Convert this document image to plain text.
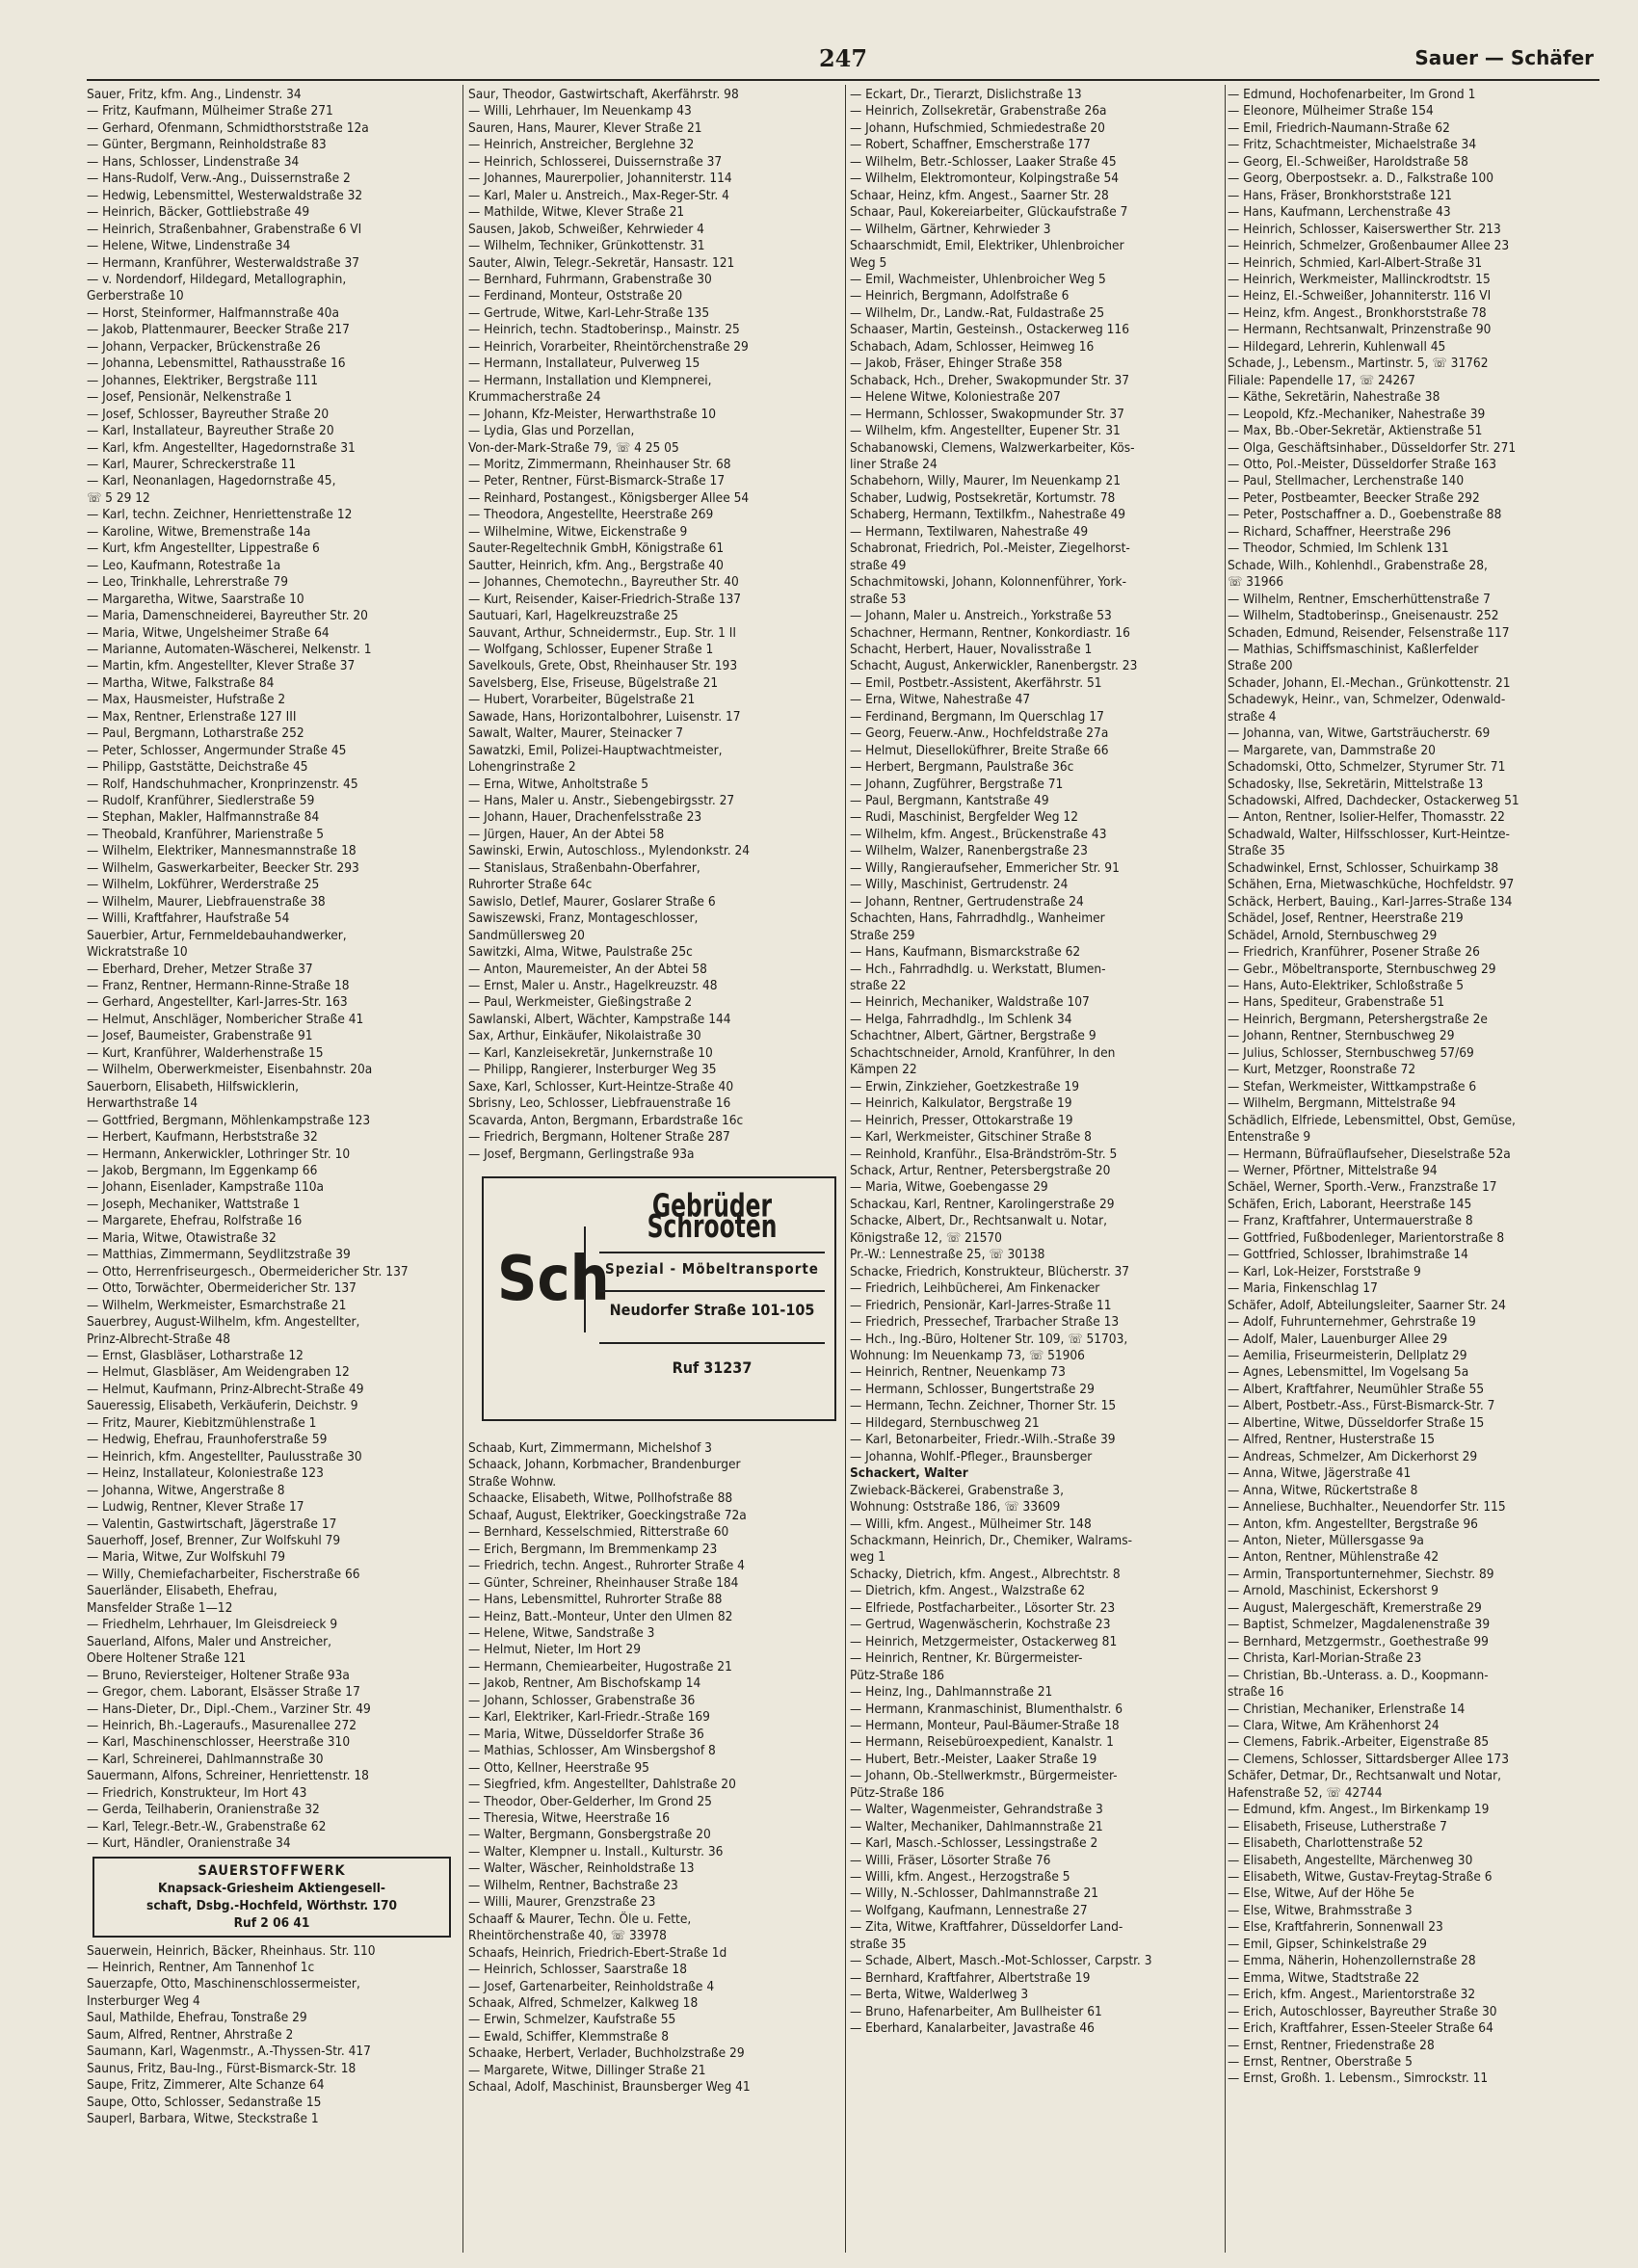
247	Sauer — Schäfer
Sauer, Fritz, kfm. Ang., Lindenstr. 34
— Fritz, Kaufmann, Mülheimer Straße 271
— Gerhard, Ofenmann, Schmidthorststraße 12a
— Günter, Bergmann, Reinholdstraße 83
— Hans, Schlosser, Lindenstraße 34
— Hans-Rudolf, Verw.-Ang., Duissernstraße 2
— Hedwig, Lebensmittel, Westerwaldstraße 32
— Heinrich, Bäcker, Gottliebstraße 49
— Heinrich, Straßenbahner, Grabenstraße 6 VI
— Helene, Witwe, Lindenstraße 34
— Hermann, Kranführer, Westerwaldstraße 37
— v. Nordendorf, Hildegard, Metallographin,
Gerberstraße 10
— Horst, Steinformer, Halfmannstraße 40a
— Jakob, Plattenmaurer, Beecker Straße 217
— Johann, Verpacker, Brückenstraße 26
— Johanna, Lebensmittel, Rathausstraße 16
— Johannes, Elektriker, Bergstraße 111
— Josef, Pensionär, Nelkenstraße 1
— Josef, Schlosser, Bayreuther Straße 20
— Karl, Installateur, Bayreuther Straße 20
— Karl, kfm. Angestellter, Hagedornstraße 31
— Karl, Maurer, Schreckerstraße 11
— Karl, Neonanlagen, Hagedornstraße 45,
☏ 5 29 12
— Karl, techn. Zeichner, Henriettenstraße 12
— Karoline, Witwe, Bremenstraße 14a
— Kurt, kfm Angestellter, Lippestraße 6
— Leo, Kaufmann, Rotestraße 1a
— Leo, Trinkhalle, Lehrerstraße 79
— Margaretha, Witwe, Saarstraße 10
— Maria, Damenschneiderei, Bayreuther Str. 20
— Maria, Witwe, Ungelsheimer Straße 64
— Marianne, Automaten-Wäscherei, Nelkenstr. 1
— Martin, kfm. Angestellter, Klever Straße 37
— Martha, Witwe, Falkstraße 84
— Max, Hausmeister, Hufstraße 2
— Max, Rentner, Erlenstraße 127 III
— Paul, Bergmann, Lotharstraße 252
— Peter, Schlosser, Angermunder Straße 45
— Philipp, Gaststätte, Deichstraße 45
— Rolf, Handschuhmacher, Kronprinzenstr. 45
— Rudolf, Kranführer, Siedlerstraße 59
— Stephan, Makler, Halfmannstraße 84
— Theobald, Kranführer, Marienstraße 5
— Wilhelm, Elektriker, Mannesmannstraße 18
— Wilhelm, Gaswerkarbeiter, Beecker Str. 293
— Wilhelm, Lokführer, Werderstraße 25
— Wilhelm, Maurer, Liebfrauenstraße 38
— Willi, Kraftfahrer, Haufstraße 54
Sauerbier, Artur, Fernmeldebauhandwerker,
Wickratstraße 10
— Eberhard, Dreher, Metzer Straße 37
— Franz, Rentner, Hermann-Rinne-Straße 18
— Gerhard, Angestellter, Karl-Jarres-Str. 163
— Helmut, Anschläger, Nombericher Straße 41
— Josef, Baumeister, Grabenstraße 91
— Kurt, Kranführer, Walderhenstraße 15
— Wilhelm, Oberwerkmeister, Eisenbahnstr. 20a
Sauerborn, Elisabeth, Hilfswicklerin,
Herwarthstraße 14
— Gottfried, Bergmann, Möhlenkampstraße 123
— Herbert, Kaufmann, Herbststraße 32
— Hermann, Ankerwickler, Lothringer Str. 10
— Jakob, Bergmann, Im Eggenkamp 66
— Johann, Eisenlader, Kampstraße 110a
— Joseph, Mechaniker, Wattstraße 1
— Margarete, Ehefrau, Rolfstraße 16
— Maria, Witwe, Otawistraße 32
— Matthias, Zimmermann, Seydlitzstraße 39
— Otto, Herrenfriseurgesch., Obermeidericher Str. 137
— Otto, Torwächter, Obermeidericher Str. 137
— Wilhelm, Werkmeister, Esmarchstraße 21
Sauerbrey, August-Wilhelm, kfm. Angestellter,
Prinz-Albrecht-Straße 48
— Ernst, Glasbläser, Lotharstraße 12
— Helmut, Glasbläser, Am Weidengraben 12
— Helmut, Kaufmann, Prinz-Albrecht-Straße 49
Saueressig, Elisabeth, Verkäuferin, Deichstr. 9
— Fritz, Maurer, Kiebitzmühlenstraße 1
— Hedwig, Ehefrau, Fraunhoferstraße 59
— Heinrich, kfm. Angestellter, Paulusstraße 30
— Heinz, Installateur, Koloniestraße 123
— Johanna, Witwe, Angerstraße 8
— Ludwig, Rentner, Klever Straße 17
— Valentin, Gastwirtschaft, Jägerstraße 17
Sauerhoff, Josef, Brenner, Zur Wolfskuhl 79
— Maria, Witwe, Zur Wolfskuhl 79
— Willy, Chemiefacharbeiter, Fischerstraße 66
Sauerländer, Elisabeth, Ehefrau,
Mansfelder Straße 1—12
— Friedhelm, Lehrhauer, Im Gleisdreieck 9
Sauerland, Alfons, Maler und Anstreicher,
Obere Holtener Straße 121
— Bruno, Reviersteiger, Holtener Straße 93a
— Gregor, chem. Laborant, Elsässer Straße 17
— Hans-Dieter, Dr., Dipl.-Chem., Varziner Str. 49
— Heinrich, Bh.-Lageraufs., Masurenallee 272
— Karl, Maschinenschlosser, Heerstraße 310
— Karl, Schreinerei, Dahlmannstraße 30
Sauermann, Alfons, Schreiner, Henriettenstr. 18
— Friedrich, Konstrukteur, Im Hort 43
— Gerda, Teilhaberin, Oranienstraße 32
— Karl, Telegr.-Betr.-W., Grabenstraße 62
— Kurt, Händler, Oranienstraße 34
SAUERSTOFFWERK
Knapsack-Griesheim Aktiengesell-
schaft, Dsbg.-Hochfeld, Wörthstr. 170
Ruf 2 06 41
Sauerwein, Heinrich, Bäcker, Rheinhaus. Str. 110
— Heinrich, Rentner, Am Tannenhof 1c
Sauerzapfe, Otto, Maschinenschlossermeister,
Insterburger Weg 4
Saul, Mathilde, Ehefrau, Tonstraße 29
Saum, Alfred, Rentner, Ahrstraße 2
Saumann, Karl, Wagenmstr., A.-Thyssen-Str. 417
Saunus, Fritz, Bau-Ing., Fürst-Bismarck-Str. 18
Saupe, Fritz, Zimmerer, Alte Schanze 64
Saupe, Otto, Schlosser, Sedanstraße 15
Sauperl, Barbara, Witwe, Steckstraße 1
Saur, Theodor, Gastwirtschaft, Akerfährstr. 98
— Willi, Lehrhauer, Im Neuenkamp 43
Sauren, Hans, Maurer, Klever Straße 21
— Heinrich, Anstreicher, Berglehne 32
— Heinrich, Schlosserei, Duissernstraße 37
— Johannes, Maurerpolier, Johanniterstr. 114
— Karl, Maler u. Anstreich., Max-Reger-Str. 4
— Mathilde, Witwe, Klever Straße 21
Sausen, Jakob, Schweißer, Kehrwieder 4
— Wilhelm, Techniker, Grünkottenstr. 31
Sauter, Alwin, Telegr.-Sekretär, Hansastr. 121
— Bernhard, Fuhrmann, Grabenstraße 30
— Ferdinand, Monteur, Oststraße 20
— Gertrude, Witwe, Karl-Lehr-Straße 135
— Heinrich, techn. Stadtoberinsp., Mainstr. 25
— Heinrich, Vorarbeiter, Rheintörchenstraße 29
— Hermann, Installateur, Pulverweg 15
— Hermann, Installation und Klempnerei,
Krummacherstraße 24
— Johann, Kfz-Meister, Herwarthstraße 10
— Lydia, Glas und Porzellan,
Von-der-Mark-Straße 79, ☏ 4 25 05
— Moritz, Zimmermann, Rheinhauser Str. 68
— Peter, Rentner, Fürst-Bismarck-Straße 17
— Reinhard, Postangest., Königsberger Allee 54
— Theodora, Angestellte, Heerstraße 269
— Wilhelmine, Witwe, Eickenstraße 9
Sauter-Regeltechnik GmbH, Königstraße 61
Sautter, Heinrich, kfm. Ang., Bergstraße 40
— Johannes, Chemotechn., Bayreuther Str. 40
— Kurt, Reisender, Kaiser-Friedrich-Straße 137
Sautuari, Karl, Hagelkreuzstraße 25
Sauvant, Arthur, Schneidermstr., Eup. Str. 1 II
— Wolfgang, Schlosser, Eupener Straße 1
Savelkouls, Grete, Obst, Rheinhauser Str. 193
Savelsberg, Else, Friseuse, Bügelstraße 21
— Hubert, Vorarbeiter, Bügelstraße 21
Sawade, Hans, Horizontalbohrer, Luisenstr. 17
Sawalt, Walter, Maurer, Steinacker 7
Sawatzki, Emil, Polizei-Hauptwachtmeister,
Lohengrinstraße 2
— Erna, Witwe, Anholtstraße 5
— Hans, Maler u. Anstr., Siebengebirgsstr. 27
— Johann, Hauer, Drachenfelsstraße 23
— Jürgen, Hauer, An der Abtei 58
Sawinski, Erwin, Autoschloss., Mylendonkstr. 24
— Stanislaus, Straßenbahn-Oberfahrer,
Ruhrorter Straße 64c
Sawislo, Detlef, Maurer, Goslarer Straße 6
Sawiszewski, Franz, Montageschlosser,
Sandmüllersweg 20
Sawitzki, Alma, Witwe, Paulstraße 25c
— Anton, Mauremeister, An der Abtei 58
— Ernst, Maler u. Anstr., Hagelkreuzstr. 48
— Paul, Werkmeister, Gießingstraße 2
Sawlanski, Albert, Wächter, Kampstraße 144
Sax, Arthur, Einkäufer, Nikolaistraße 30
— Karl, Kanzleisekretär, Junkernstraße 10
— Philipp, Rangierer, Insterburger Weg 35
Saxe, Karl, Schlosser, Kurt-Heintze-Straße 40
Sbrisny, Leo, Schlosser, Liebfrauenstraße 16
Scavarda, Anton, Bergmann, Erbardstraße 16c
— Friedrich, Bergmann, Holtener Straße 287
— Josef, Bergmann, Gerlingstraße 93a
Sch
Gebrüder Schrooten
Spezial - Möbeltransporte
Neudorfer Straße 101-105
Ruf 31237
Schaab, Kurt, Zimmermann, Michelshof 3
Schaack, Johann, Korbmacher, Brandenburger
Straße Wohnw.
Schaacke, Elisabeth, Witwe, Pollhofstraße 88
Schaaf, August, Elektriker, Goeckingstraße 72a
— Bernhard, Kesselschmied, Ritterstraße 60
— Erich, Bergmann, Im Bremmenkamp 23
— Friedrich, techn. Angest., Ruhrorter Straße 4
— Günter, Schreiner, Rheinhauser Straße 184
— Hans, Lebensmittel, Ruhrorter Straße 88
— Heinz, Batt.-Monteur, Unter den Ulmen 82
— Helene, Witwe, Sandstraße 3
— Helmut, Nieter, Im Hort 29
— Hermann, Chemiearbeiter, Hugostraße 21
— Jakob, Rentner, Am Bischofskamp 14
— Johann, Schlosser, Grabenstraße 36
— Karl, Elektriker, Karl-Friedr.-Straße 169
— Maria, Witwe, Düsseldorfer Straße 36
— Mathias, Schlosser, Am Winsbergshof 8
— Otto, Kellner, Heerstraße 95
— Siegfried, kfm. Angestellter, Dahlstraße 20
— Theodor, Ober-Gelderher, Im Grond 25
— Theresia, Witwe, Heerstraße 16
— Walter, Bergmann, Gonsbergstraße 20
— Walter, Klempner u. Install., Kulturstr. 36
— Walter, Wäscher, Reinholdstraße 13
— Wilhelm, Rentner, Bachstraße 23
— Willi, Maurer, Grenzstraße 23
Schaaff & Maurer, Techn. Öle u. Fette,
Rheintörchenstraße 40, ☏ 33978
Schaafs, Heinrich, Friedrich-Ebert-Straße 1d
— Heinrich, Schlosser, Saarstraße 18
— Josef, Gartenarbeiter, Reinholdstraße 4
Schaak, Alfred, Schmelzer, Kalkweg 18
— Erwin, Schmelzer, Kaufstraße 55
— Ewald, Schiffer, Klemmstraße 8
Schaake, Herbert, Verlader, Buchholzstraße 29
— Margarete, Witwe, Dillinger Straße 21
Schaal, Adolf, Maschinist, Braunsberger Weg 41
— Eckart, Dr., Tierarzt, Dislichstraße 13
— Heinrich, Zollsekretär, Grabenstraße 26a
— Johann, Hufschmied, Schmiedestraße 20
— Robert, Schaffner, Emscherstraße 177
— Wilhelm, Betr.-Schlosser, Laaker Straße 45
— Wilhelm, Elektromonteur, Kolpingstraße 54
Schaar, Heinz, kfm. Angest., Saarner Str. 28
Schaar, Paul, Kokereiarbeiter, Glückaufstraße 7
— Wilhelm, Gärtner, Kehrwieder 3
Schaarschmidt, Emil, Elektriker, Uhlenbroicher
Weg 5
— Emil, Wachmeister, Uhlenbroicher Weg 5
— Heinrich, Bergmann, Adolfstraße 6
— Wilhelm, Dr., Landw.-Rat, Fuldastraße 25
Schaaser, Martin, Gesteinsh., Ostackerweg 116
Schabach, Adam, Schlosser, Heimweg 16
— Jakob, Fräser, Ehinger Straße 358
Schaback, Hch., Dreher, Swakopmunder Str. 37
— Helene Witwe, Koloniestraße 207
— Hermann, Schlosser, Swakopmunder Str. 37
— Wilhelm, kfm. Angestellter, Eupener Str. 31
Schabanowski, Clemens, Walzwerkarbeiter, Kös-
liner Straße 24
Schabehorn, Willy, Maurer, Im Neuenkamp 21
Schaber, Ludwig, Postsekretär, Kortumstr. 78
Schaberg, Hermann, Textilkfm., Nahestraße 49
— Hermann, Textilwaren, Nahestraße 49
Schabronat, Friedrich, Pol.-Meister, Ziegelhorst-
straße 49
Schachmitowski, Johann, Kolonnenführer, York-
straße 53
— Johann, Maler u. Anstreich., Yorkstraße 53
Schachner, Hermann, Rentner, Konkordiastr. 16
Schacht, Herbert, Hauer, Novalisstraße 1
Schacht, August, Ankerwickler, Ranenbergstr. 23
— Emil, Postbetr.-Assistent, Akerfährstr. 51
— Erna, Witwe, Nahestraße 47
— Ferdinand, Bergmann, Im Querschlag 17
— Georg, Feuerw.-Anw., Hochfeldstraße 27a
— Helmut, Dieselloküfhrer, Breite Straße 66
— Herbert, Bergmann, Paulstraße 36c
— Johann, Zugführer, Bergstraße 71
— Paul, Bergmann, Kantstraße 49
— Rudi, Maschinist, Bergfelder Weg 12
— Wilhelm, kfm. Angest., Brückenstraße 43
— Wilhelm, Walzer, Ranenbergstraße 23
— Willy, Rangieraufseher, Emmericher Str. 91
— Willy, Maschinist, Gertrudenstr. 24
— Johann, Rentner, Gertrudenstraße 24
Schachten, Hans, Fahrradhdlg., Wanheimer
Straße 259
— Hans, Kaufmann, Bismarckstraße 62
— Hch., Fahrradhdlg. u. Werkstatt, Blumen-
straße 22
— Heinrich, Mechaniker, Waldstraße 107
— Helga, Fahrradhdlg., Im Schlenk 34
Schachtner, Albert, Gärtner, Bergstraße 9
Schachtschneider, Arnold, Kranführer, In den
Kämpen 22
— Erwin, Zinkzieher, Goetzkestraße 19
— Heinrich, Kalkulator, Bergstraße 19
— Heinrich, Presser, Ottokarstraße 19
— Karl, Werkmeister, Gitschiner Straße 8
— Reinhold, Kranführ., Elsa-Brändström-Str. 5
Schack, Artur, Rentner, Petersbergstraße 20
— Maria, Witwe, Goebengasse 29
Schackau, Karl, Rentner, Karolingerstraße 29
Schacke, Albert, Dr., Rechtsanwalt u. Notar,
Königstraße 12, ☏ 21570
Pr.-W.: Lennestraße 25, ☏ 30138
Schacke, Friedrich, Konstrukteur, Blücherstr. 37
— Friedrich, Leihbücherei, Am Finkenacker
— Friedrich, Pensionär, Karl-Jarres-Straße 11
— Friedrich, Pressechef, Trarbacher Straße 13
— Hch., Ing.-Büro, Holtener Str. 109, ☏ 51703,
Wohnung: Im Neuenkamp 73, ☏ 51906
— Heinrich, Rentner, Neuenkamp 73
— Hermann, Schlosser, Bungertstraße 29
— Hermann, Techn. Zeichner, Thorner Str. 15
— Hildegard, Sternbuschweg 21
— Karl, Betonarbeiter, Friedr.-Wilh.-Straße 39
— Johanna, Wohlf.-Pfleger., Braunsberger
Schackert, Walter
Zwieback-Bäckerei, Grabenstraße 3,
Wohnung: Oststraße 186, ☏ 33609
— Willi, kfm. Angest., Mülheimer Str. 148
Schackmann, Heinrich, Dr., Chemiker, Walrams-
weg 1
Schacky, Dietrich, kfm. Angest., Albrechtstr. 8
— Dietrich, kfm. Angest., Walzstraße 62
— Elfriede, Postfacharbeiter., Lösorter Str. 23
— Gertrud, Wagenwäscherin, Kochstraße 23
— Heinrich, Metzgermeister, Ostackerweg 81
— Heinrich, Rentner, Kr. Bürgermeister-
Pütz-Straße 186
— Heinz, Ing., Dahlmannstraße 21
— Hermann, Kranmaschinist, Blumenthalstr. 6
— Hermann, Monteur, Paul-Bäumer-Straße 18
— Hermann, Reisebüroexpedient, Kanalstr. 1
— Hubert, Betr.-Meister, Laaker Straße 19
— Johann, Ob.-Stellwerkmstr., Bürgermeister-
Pütz-Straße 186
— Walter, Wagenmeister, Gehrandstraße 3
— Walter, Mechaniker, Dahlmannstraße 21
— Karl, Masch.-Schlosser, Lessingstraße 2
— Willi, Fräser, Lösorter Straße 76
— Willi, kfm. Angest., Herzogstraße 5
— Willy, N.-Schlosser, Dahlmannstraße 21
— Wolfgang, Kaufmann, Lennestraße 27
— Zita, Witwe, Kraftfahrer, Düsseldorfer Land-
straße 35
— Schade, Albert, Masch.-Mot-Schlosser, Carpstr. 3
— Bernhard, Kraftfahrer, Albertstraße 19
— Berta, Witwe, Walderlweg 3
— Bruno, Hafenarbeiter, Am Bullheister 61
— Eberhard, Kanalarbeiter, Javastraße 46
— Edmund, Hochofenarbeiter, Im Grond 1
— Eleonore, Mülheimer Straße 154
— Emil, Friedrich-Naumann-Straße 62
— Fritz, Schachtmeister, Michaelstraße 34
— Georg, El.-Schweißer, Haroldstraße 58
— Georg, Oberpostsekr. a. D., Falkstraße 100
— Hans, Fräser, Bronkhorststraße 121
— Hans, Kaufmann, Lerchenstraße 43
— Heinrich, Schlosser, Kaiserswerther Str. 213
— Heinrich, Schmelzer, Großenbaumer Allee 23
— Heinrich, Schmied, Karl-Albert-Straße 31
— Heinrich, Werkmeister, Mallinckrodtstr. 15
— Heinz, El.-Schweißer, Johanniterstr. 116 VI
— Heinz, kfm. Angest., Bronkhorststraße 78
— Hermann, Rechtsanwalt, Prinzenstraße 90
— Hildegard, Lehrerin, Kuhlenwall 45
Schade, J., Lebensm., Martinstr. 5, ☏ 31762
Filiale: Papendelle 17, ☏ 24267
— Käthe, Sekretärin, Nahestraße 38
— Leopold, Kfz.-Mechaniker, Nahestraße 39
— Max, Bb.-Ober-Sekretär, Aktienstraße 51
— Olga, Geschäftsinhaber., Düsseldorfer Str. 271
— Otto, Pol.-Meister, Düsseldorfer Straße 163
— Paul, Stellmacher, Lerchenstraße 140
— Peter, Postbeamter, Beecker Straße 292
— Peter, Postschaffner a. D., Goebenstraße 88
— Richard, Schaffner, Heerstraße 296
— Theodor, Schmied, Im Schlenk 131
Schade, Wilh., Kohlenhdl., Grabenstraße 28,
☏ 31966
— Wilhelm, Rentner, Emscherhüttenstraße 7
— Wilhelm, Stadtoberinsp., Gneisenaustr. 252
Schaden, Edmund, Reisender, Felsenstraße 117
— Mathias, Schiffsmaschinist, Kaßlerfelder
Straße 200
Schader, Johann, El.-Mechan., Grünkottenstr. 21
Schadewyk, Heinr., van, Schmelzer, Odenwald-
straße 4
— Johanna, van, Witwe, Gartsträucherstr. 69
— Margarete, van, Dammstraße 20
Schadomski, Otto, Schmelzer, Styrumer Str. 71
Schadosky, Ilse, Sekretärin, Mittelstraße 13
Schadowski, Alfred, Dachdecker, Ostackerweg 51
— Anton, Rentner, Isolier-Helfer, Thomasstr. 22
Schadwald, Walter, Hilfsschlosser, Kurt-Heintze-
Straße 35
Schadwinkel, Ernst, Schlosser, Schuirkamp 38
Schähen, Erna, Mietwaschküche, Hochfeldstr. 97
Schäck, Herbert, Bauing., Karl-Jarres-Straße 134
Schädel, Josef, Rentner, Heerstraße 219
Schädel, Arnold, Sternbuschweg 29
— Friedrich, Kranführer, Posener Straße 26
— Gebr., Möbeltransporte, Sternbuschweg 29
— Hans, Auto-Elektriker, Schloßstraße 5
— Hans, Spediteur, Grabenstraße 51
— Heinrich, Bergmann, Petershergstraße 2e
— Johann, Rentner, Sternbuschweg 29
— Julius, Schlosser, Sternbuschweg 57/69
— Kurt, Metzger, Roonstraße 72
— Stefan, Werkmeister, Wittkampstraße 6
— Wilhelm, Bergmann, Mittelstraße 94
Schädlich, Elfriede, Lebensmittel, Obst, Gemüse,
Entenstraße 9
— Hermann, Büfraüflaufseher, Dieselstraße 52a
— Werner, Pförtner, Mittelstraße 94
Schäel, Werner, Sporth.-Verw., Franzstraße 17
Schäfen, Erich, Laborant, Heerstraße 145
— Franz, Kraftfahrer, Untermauerstraße 8
— Gottfried, Fußbodenleger, Marientorstraße 8
— Gottfried, Schlosser, Ibrahimstraße 14
— Karl, Lok-Heizer, Forststraße 9
— Maria, Finkenschlag 17
Schäfer, Adolf, Abteilungsleiter, Saarner Str. 24
— Adolf, Fuhrunternehmer, Gehrstraße 19
— Adolf, Maler, Lauenburger Allee 29
— Aemilia, Friseurmeisterin, Dellplatz 29
— Agnes, Lebensmittel, Im Vogelsang 5a
— Albert, Kraftfahrer, Neumühler Straße 55
— Albert, Postbetr.-Ass., Fürst-Bismarck-Str. 7
— Albertine, Witwe, Düsseldorfer Straße 15
— Alfred, Rentner, Husterstraße 15
— Andreas, Schmelzer, Am Dickerhorst 29
— Anna, Witwe, Jägerstraße 41
— Anna, Witwe, Rückertstraße 8
— Anneliese, Buchhalter., Neuendorfer Str. 115
— Anton, kfm. Angestellter, Bergstraße 96
— Anton, Nieter, Müllersgasse 9a
— Anton, Rentner, Mühlenstraße 42
— Armin, Transportunternehmer, Siechstr. 89
— Arnold, Maschinist, Eckershorst 9
— August, Malergeschäft, Kremerstraße 29
— Baptist, Schmelzer, Magdalenenstraße 39
— Bernhard, Metzgermstr., Goethestraße 99
— Christa, Karl-Morian-Straße 23
— Christian, Bb.-Unterass. a. D., Koopmann-
straße 16
— Christian, Mechaniker, Erlenstraße 14
— Clara, Witwe, Am Krähenhorst 24
— Clemens, Fabrik.-Arbeiter, Eigenstraße 85
— Clemens, Schlosser, Sittardsberger Allee 173
Schäfer, Detmar, Dr., Rechtsanwalt und Notar,
Hafenstraße 52, ☏ 42744
— Edmund, kfm. Angest., Im Birkenkamp 19
— Elisabeth, Friseuse, Lutherstraße 7
— Elisabeth, Charlottenstraße 52
— Elisabeth, Angestellte, Märchenweg 30
— Elisabeth, Witwe, Gustav-Freytag-Straße 6
— Else, Witwe, Auf der Höhe 5e
— Else, Witwe, Brahmsstraße 3
— Else, Kraftfahrerin, Sonnenwall 23
— Emil, Gipser, Schinkelstraße 29
— Emma, Näherin, Hohenzollernstraße 28
— Emma, Witwe, Stadtstraße 22
— Erich, kfm. Angest., Marientorstraße 32
— Erich, Autoschlosser, Bayreuther Straße 30
— Erich, Kraftfahrer, Essen-Steeler Straße 64
— Ernst, Rentner, Friedenstraße 28
— Ernst, Rentner, Oberstraße 5
— Ernst, Großh. 1. Lebensm., Simrockstr. 11
